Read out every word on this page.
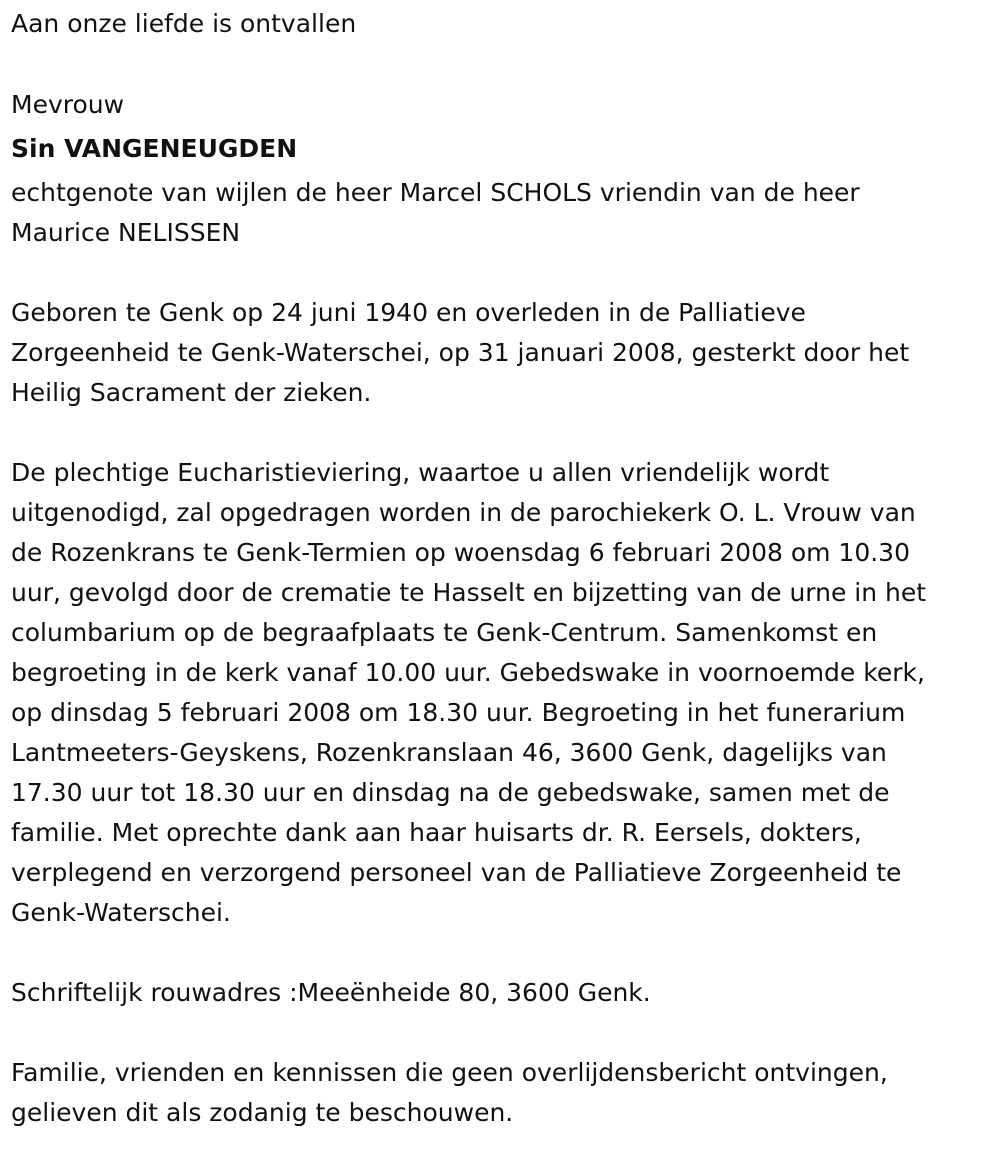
Aan onze liefde is ontvallen
Mevrouw
Sin VANGENEUGDEN
echtgenote van wijlen de heer Marcel SCHOLS vriendin van de heer
Maurice NELISSEN
Geboren te Genk op 24 juni 1940 en overleden in de Palliatieve
Zorgeenheid te Genk-Waterschei, op 31 januari 2008, gesterkt door het
Heilig Sacrament der zieken.
De plechtige Eucharistieviering, waartoe u allen vriendelijk wordt
uitgenodigd, zal opgedragen worden in de parochiekerk O. L. Vrouw van
de Rozenkrans te Genk-Termien op woensdag 6 februari 2008 om 10.30
uur, gevolgd door de crematie te Hasselt en bijzetting van de urne in het
columbarium op de begraafplaats te Genk-Centrum. Samenkomst en
begroeting in de kerk vanaf 10.00 uur. Gebedswake in voornoemde kerk,
op dinsdag 5 februari 2008 om 18.30 uur. Begroeting in het funerarium
Lantmeeters-Geyskens, Rozenkranslaan 46, 3600 Genk, dagelijks van
17.30 uur tot 18.30 uur en dinsdag na de gebedswake, samen met de
familie. Met oprechte dank aan haar huisarts dr. R. Eersels, dokters,
verplegend en verzorgend personeel van de Palliatieve Zorgeenheid te
Genk-Waterschei.
Schriftelijk rouwadres :Meeënheide 80, 3600 Genk.
Familie, vrienden en kennissen die geen overlijdensbericht ontvingen,
gelieven dit als zodanig te beschouwen.
